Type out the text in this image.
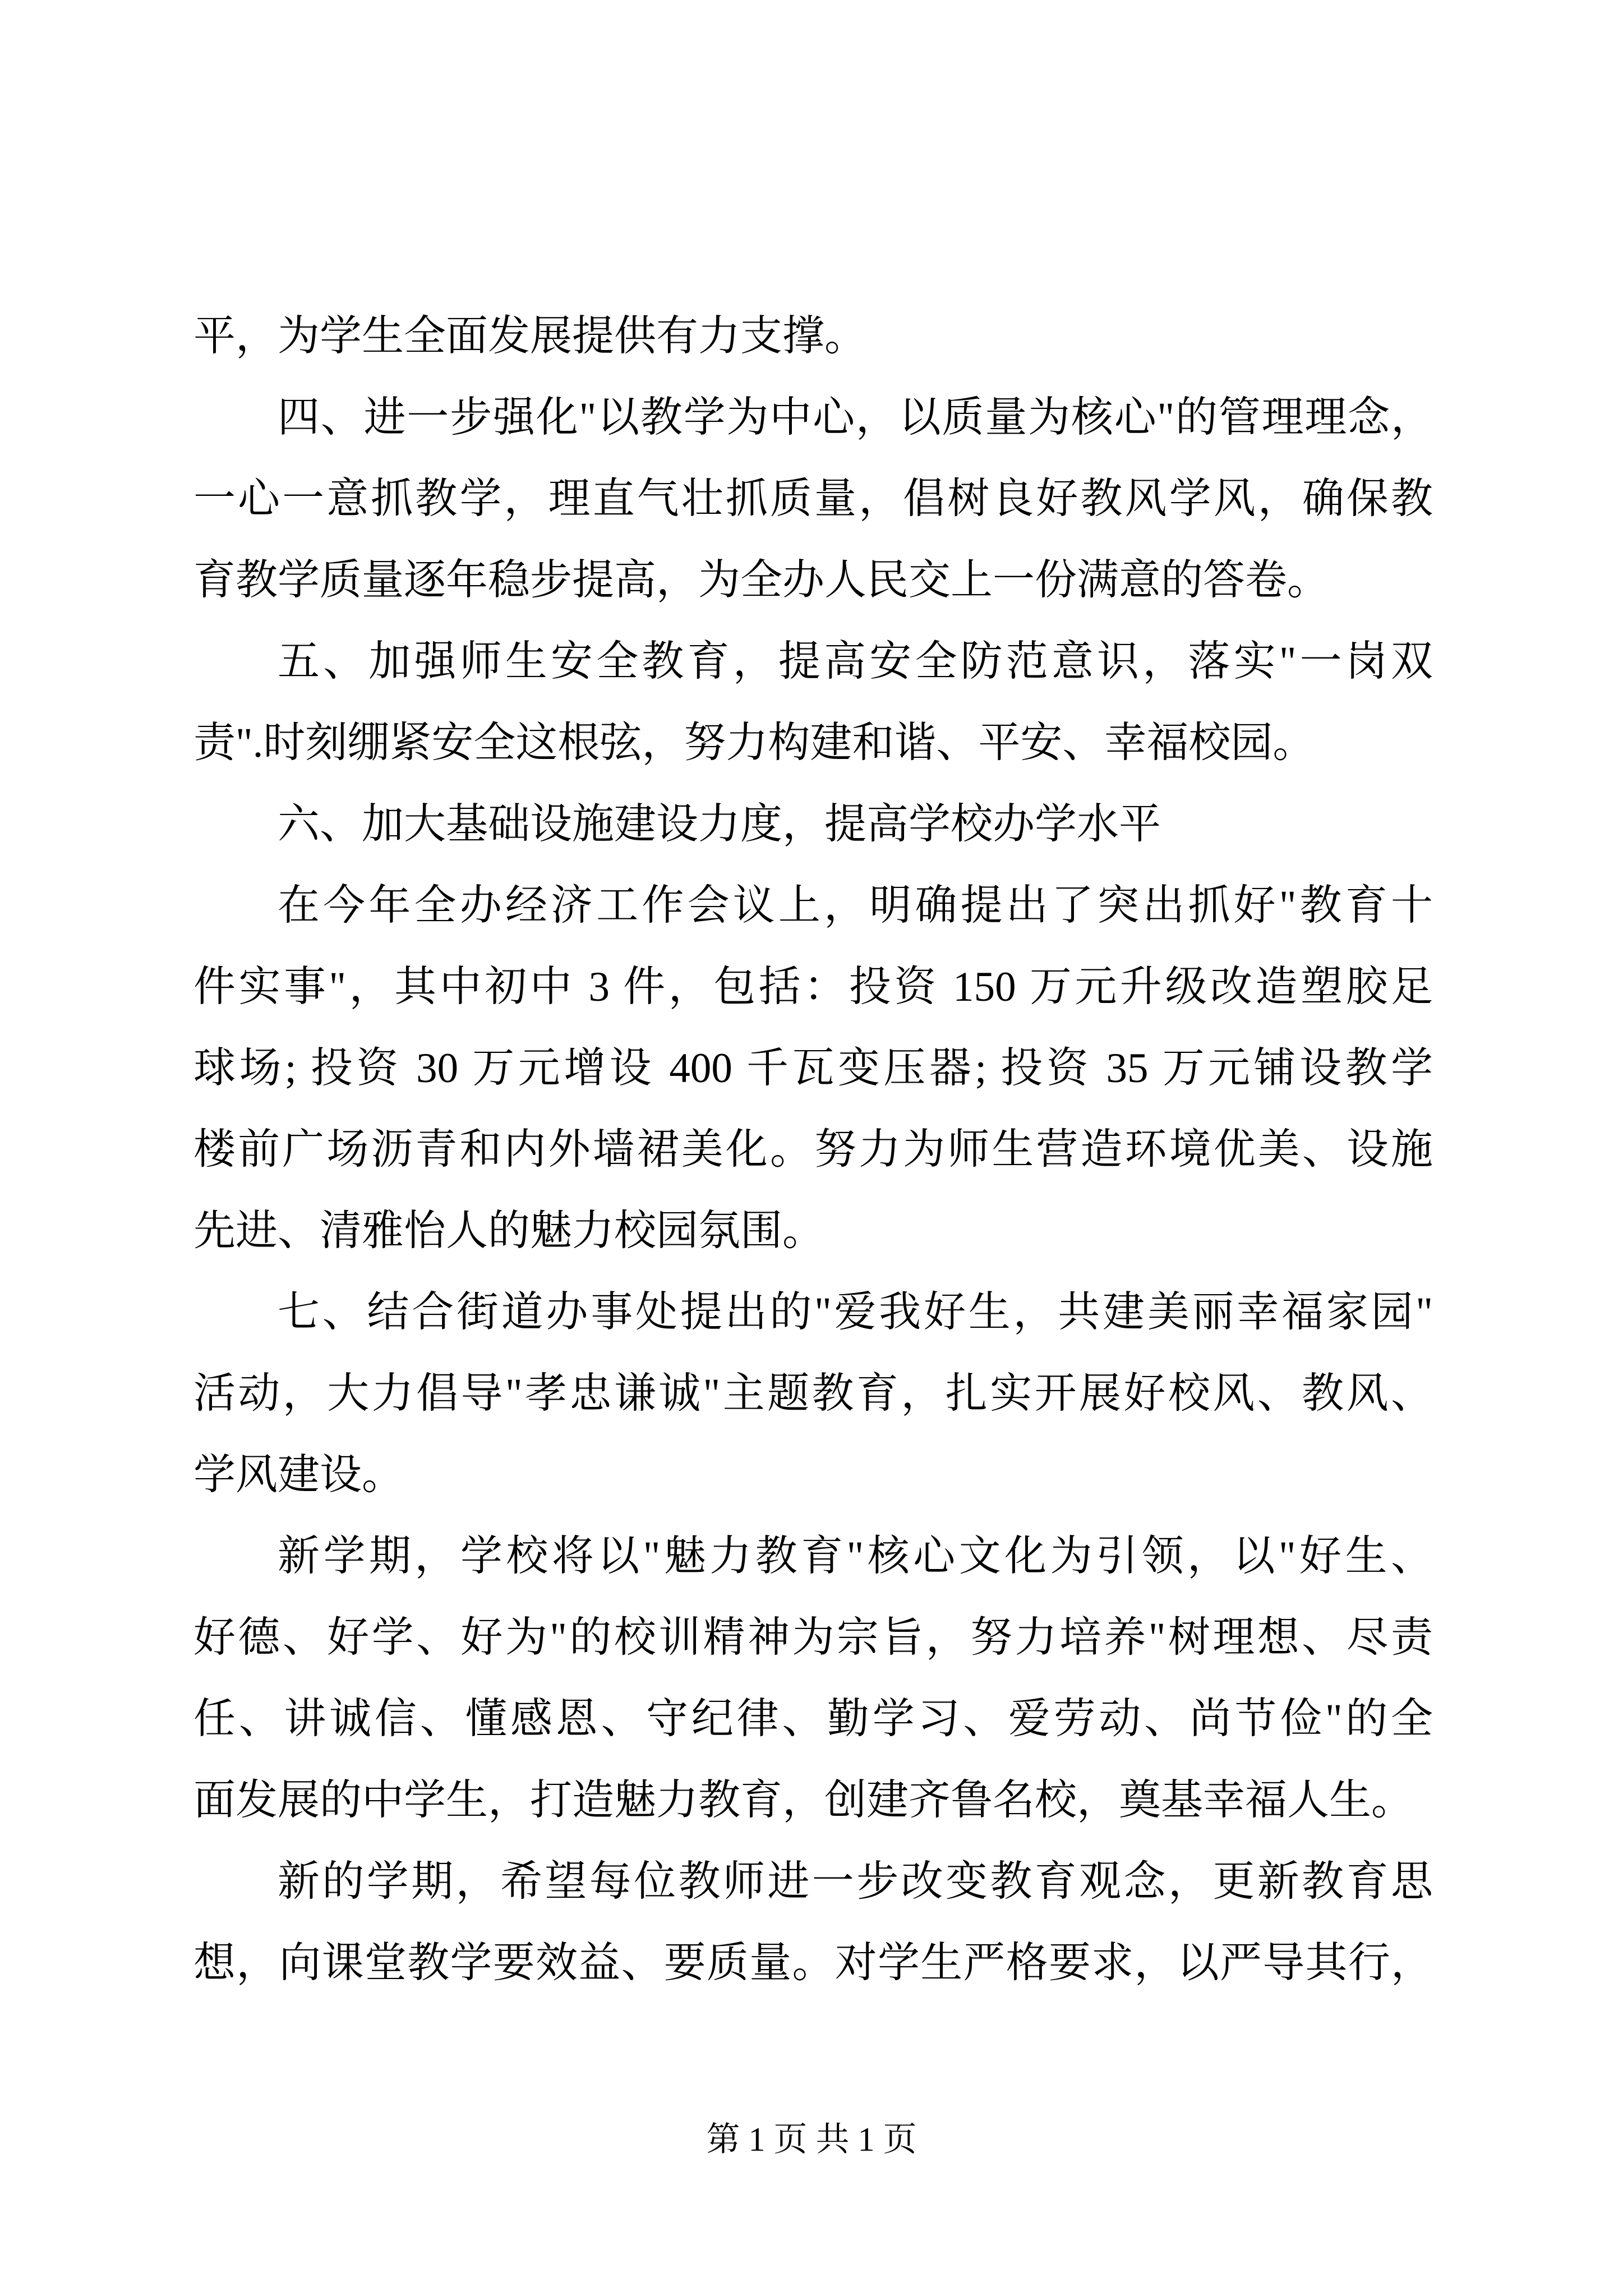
平，为学生全面发展提供有力支撑。
四、进一步强化"以教学为中心，以质量为核心"的管理理念，
一心一意抓教学，理直气壮抓质量，倡树良好教风学风，确保教
育教学质量逐年稳步提高，为全办人民交上一份满意的答卷。
五、加强师生安全教育，提高安全防范意识，落实"一岗双
责".时刻绷紧安全这根弦，努力构建和谐、平安、幸福校园。
六、加大基础设施建设力度，提高学校办学水平
在今年全办经济工作会议上，明确提出了突出抓好"教育十
件实事"，其中初中 3 件，包括：投资 150 万元升级改造塑胶足
球场; 投资 30 万元增设 400 千瓦变压器; 投资 35 万元铺设教学
楼前广场沥青和内外墙裙美化。努力为师生营造环境优美、设施
先进、清雅怡人的魅力校园氛围。
七、结合街道办事处提出的"爱我好生，共建美丽幸福家园"
活动，大力倡导"孝忠谦诚"主题教育，扎实开展好校风、教风、
学风建设。
新学期，学校将以"魅力教育"核心文化为引领，以"好生、
好德、好学、好为"的校训精神为宗旨，努力培养"树理想、尽责
任、讲诚信、懂感恩、守纪律、勤学习、爱劳动、尚节俭"的全
面发展的中学生，打造魅力教育，创建齐鲁名校，奠基幸福人生。
新的学期，希望每位教师进一步改变教育观念，更新教育思
想，向课堂教学要效益、要质量。对学生严格要求，以严导其行，
第 1 页 共 1 页
